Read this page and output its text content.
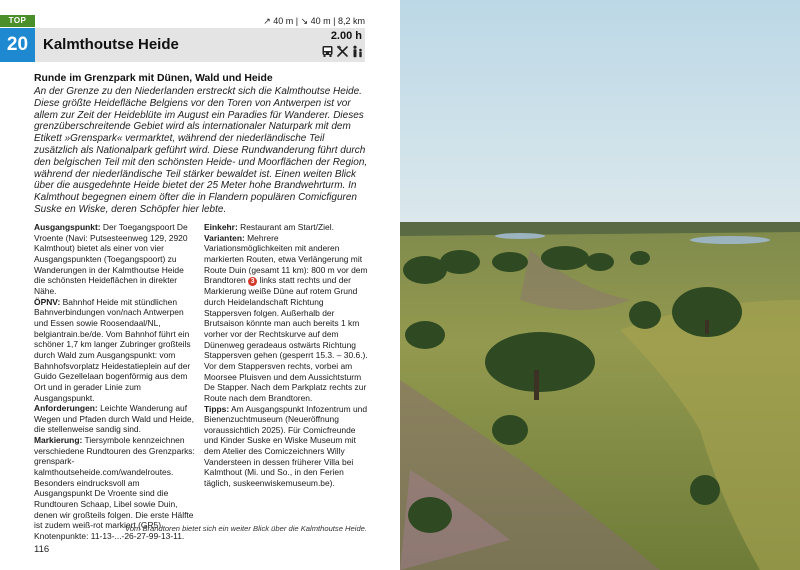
TOP
20 Kalmthoutse Heide
↗ 40 m | ↘ 40 m | 8,2 km
2.00 h
Runde im Grenzpark mit Dünen, Wald und Heide
An der Grenze zu den Niederlanden erstreckt sich die Kalmthoutse Heide. Diese größte Heidefläche Belgiens vor den Toren von Antwerpen ist vor allem zur Zeit der Heideblüte im August ein Paradies für Wanderer. Dieses grenzüberschreitende Gebiet wird als internationaler Naturpark mit dem Etikett »Grenspark« vermarktet, während der niederländische Teil zusätzlich als Nationalpark geführt wird. Diese Rundwanderung führt durch den belgischen Teil mit den schönsten Heide- und Moorflächen der Region, während der niederländische Teil stärker bewaldet ist. Einen weiten Blick über die ausgedehnte Heide bietet der 25 Meter hohe Brandwehrturm. In Kalmthout begegnen einem öfter die in Flandern populären Comicfiguren Suske en Wiske, deren Schöpfer hier lebte.

Ausgangspunkt: Der Toegangspoort De Vroente (Navi: Putsesteenweg 129, 2920 Kalmthout) bietet als einer von vier Ausgangspunkten (Toegangspoort) zu Wanderungen in der Kalmthoutse Heide die schönsten Heideflächen in direkter Nähe.

ÖPNV: Bahnhof Heide mit stündlichen Bahnverbindungen von/nach Antwerpen und Essen sowie Roosendaal/NL, belgiantrain.be/de. Vom Bahnhof führt ein schöner 1,7 km langer Zubringer großteils durch Wald zum Ausgangspunkt: vom Bahnhofsvorplatz Heidestatiеplein auf der Guido Gezellelaan bogenförmig aus dem Ort und in gerader Linie zum Ausgangspunkt.

Anforderungen: Leichte Wanderung auf Wegen und Pfaden durch Wald und Heide, die stellenweise sandig sind.

Markierung: Tiersymbole kennzeichnen verschiedene Rundtouren des Grenzparks: grenspark-kalmthoutseheide.com/wandelroutes. Besonders eindrucksvoll am Ausgangspunkt De Vroente sind die Rundtouren Schaap, Libel sowie Duin, denen wir großteils folgen. Die erste Hälfte ist zudem weiß-rot markiert (GR5). Knotenpunkte: 11-13-...-26-27-99-13-11.

Einkehr: Restaurant am Start/Ziel.

Varianten: Mehrere Variationsmöglichkeiten mit anderen markierten Routen, etwa Verlängerung mit Route Duin (gesamt 11 km): 800 m vor dem Brandtoren 3 links statt rechts und der Markierung weiße Düne auf rotem Grund durch Heidelandschaft Richtung Stappersven folgen. Außerhalb der Brutsaison könnte man auch bereits 1 km vorher vor der Rechtskurve auf dem Dünenweg geradeaus ostwärts Richtung Stappersven gehen (gesperrt 15.3. – 30.6.). Vor dem Stappersven rechts, vorbei am Moorsee Pluisven und dem Aussichtsturm De Stapper. Nach dem Parkplatz rechts zur Route nach dem Brandtoren.

Tipps: Am Ausgangspunkt Infozentrum und Bienenzuchtmuseum (Neueröffnung voraussichtlich 2025). Für Comicfreunde und Kinder Suske en Wiske Museum mit dem Atelier des Comiczeichners Willy Vandersteen in dessen früherer Villa bei Kalmthout (Mi. und So., in den Ferien täglich, suskeenwiskemuseum.be).

Vom Brandtoren bietet sich ein weiter Blick über die Kalmthoutse Heide.
116
